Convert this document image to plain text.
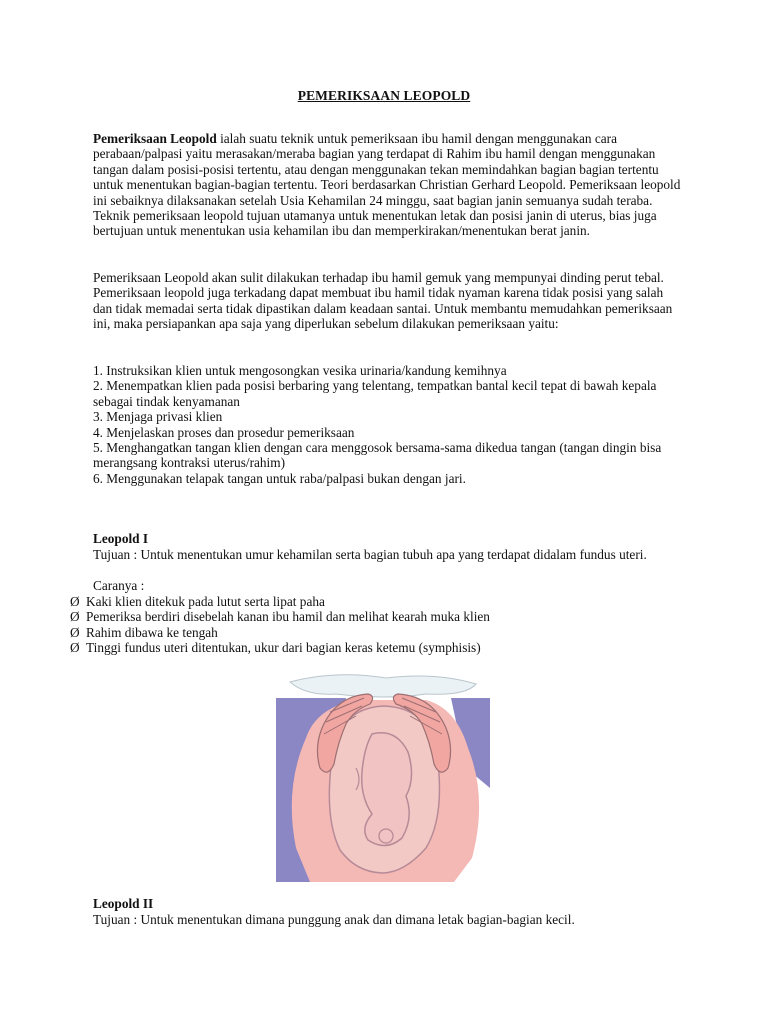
PEMERIKSAAN LEOPOLD
Pemeriksaan Leopold ialah suatu teknik untuk pemeriksaan ibu hamil dengan menggunakan cara perabaan/palpasi yaitu merasakan/meraba bagian yang terdapat di Rahim ibu hamil dengan menggunakan tangan dalam posisi-posisi tertentu, atau dengan menggunakan tekan memindahkan bagian bagian tertentu untuk menentukan bagian-bagian tertentu. Teori berdasarkan Christian Gerhard Leopold. Pemeriksaan leopold ini sebaiknya dilaksanakan setelah Usia Kehamilan 24 minggu, saat bagian janin semuanya sudah teraba. Teknik pemeriksaan leopold tujuan utamanya untuk menentukan letak dan posisi janin di uterus, bias juga bertujuan untuk menentukan usia kehamilan ibu dan memperkirakan/menentukan berat janin.
Pemeriksaan Leopold akan sulit dilakukan terhadap ibu hamil gemuk yang mempunyai dinding perut tebal. Pemeriksaan leopold juga terkadang dapat membuat ibu hamil tidak nyaman karena tidak posisi yang salah dan tidak memadai serta tidak dipastikan dalam keadaan santai. Untuk membantu memudahkan pemeriksaan ini, maka persiapankan apa saja yang diperlukan sebelum dilakukan pemeriksaan yaitu:
1. Instruksikan klien untuk mengosongkan vesika urinaria/kandung kemihnya
2. Menempatkan klien pada posisi berbaring yang telentang, tempatkan bantal kecil tepat di bawah kepala sebagai tindak kenyamanan
3. Menjaga privasi klien
4. Menjelaskan proses dan prosedur pemeriksaan
5. Menghangatkan tangan klien dengan cara menggosok bersama-sama dikedua tangan (tangan dingin bisa merangsang kontraksi uterus/rahim)
6. Menggunakan telapak tangan untuk raba/palpasi bukan dengan jari.
Leopold I
Tujuan : Untuk menentukan umur kehamilan serta bagian tubuh apa yang terdapat didalam fundus uteri.
Caranya :
Ø Kaki klien ditekuk pada lutut serta lipat paha
Ø Pemeriksa berdiri disebelah kanan ibu hamil dan melihat kearah muka klien
Ø Rahim dibawa ke tengah
Ø Tinggi fundus uteri ditentukan, ukur dari bagian keras ketemu (symphisis)
Leopold II
Tujuan : Untuk menentukan dimana punggung anak dan dimana letak bagian-bagian kecil.
